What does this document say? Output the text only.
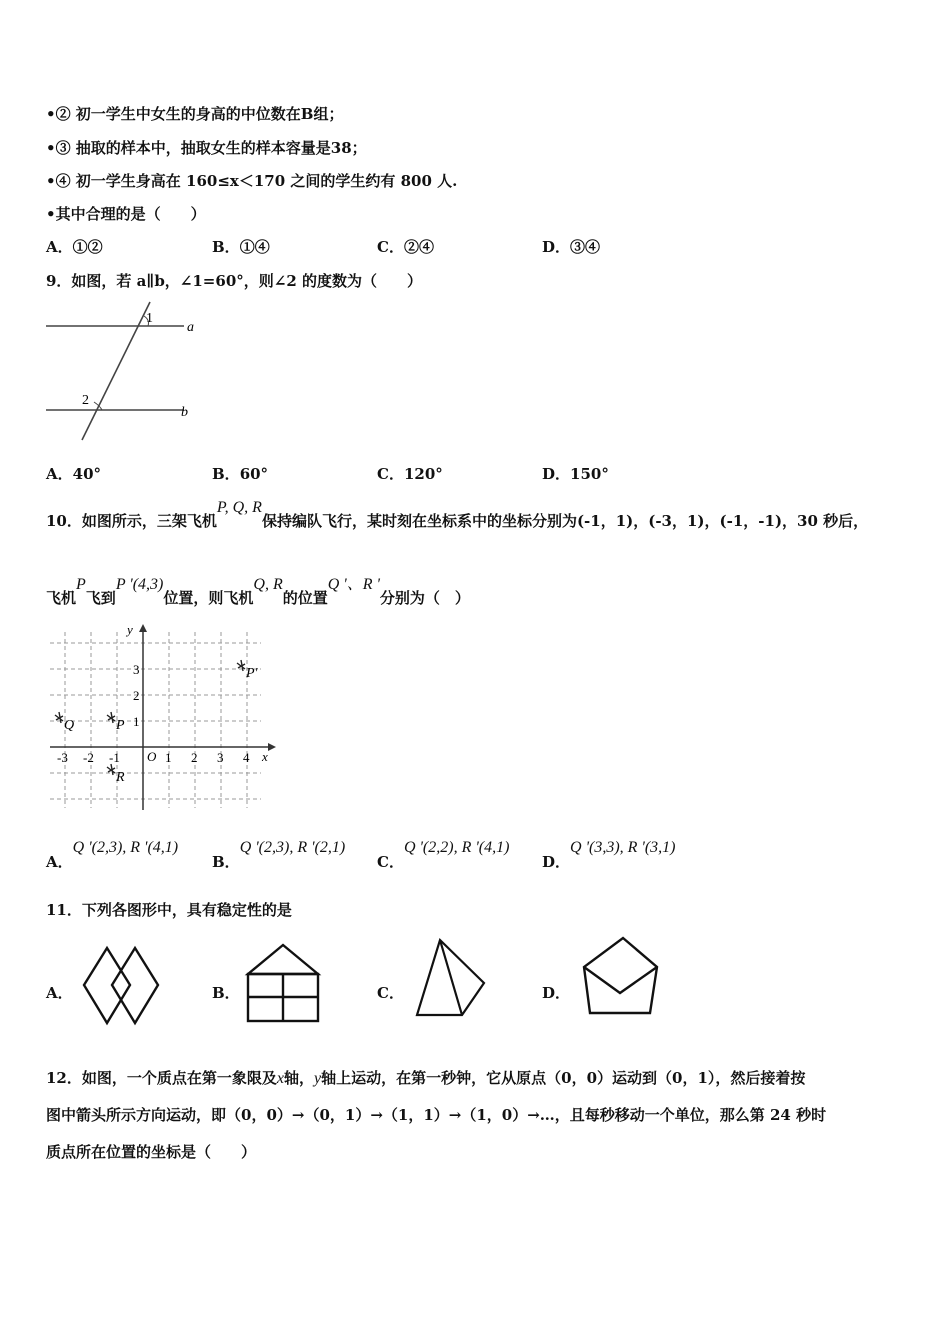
•② 初一学生中女生的身高的中位数在B组；
•③ 抽取的样本中，抽取女生的样本容量是38；
•④ 初一学生身高在 160≤x＜170 之间的学生约有 800 人.
•其中合理的是（　　）
A．①②	B．①④	C．②④	D．③④
9．如图，若 a∥b，∠1=60°，则∠2 的度数为（　　）
1
2
a
b
A．40°	B．60°	C．120°	D．150°
10．如图所示，三架飞机P, Q, R保持编队飞行，某时刻在坐标系中的坐标分别为(-1，1)，(-3，1)，(-1，-1)，30 秒后，
飞机P飞到P '(4,3)位置，则飞机Q, R的位置Q '、R '分别为（　）
x
y
O
-3 -2 -1	1 2 3 4
1
2
3
P
Q
R
P'
A．Q '(2,3), R '(4,1)
B．Q '(2,3), R '(2,1)
C．Q '(2,2), R '(4,1)
D．Q '(3,3), R '(3,1)
11．下列各图形中，具有稳定性的是
A．	B．	C．	D．
12．如图，一个质点在第一象限及x轴，y轴上运动，在第一秒钟，它从原点（0，0）运动到（0，1），然后接着按
图中箭头所示方向运动，即（0，0）→（0，1）→（1，1）→（1，0）→…，且每秒移动一个单位，那么第 24 秒时
质点所在位置的坐标是（　　）
